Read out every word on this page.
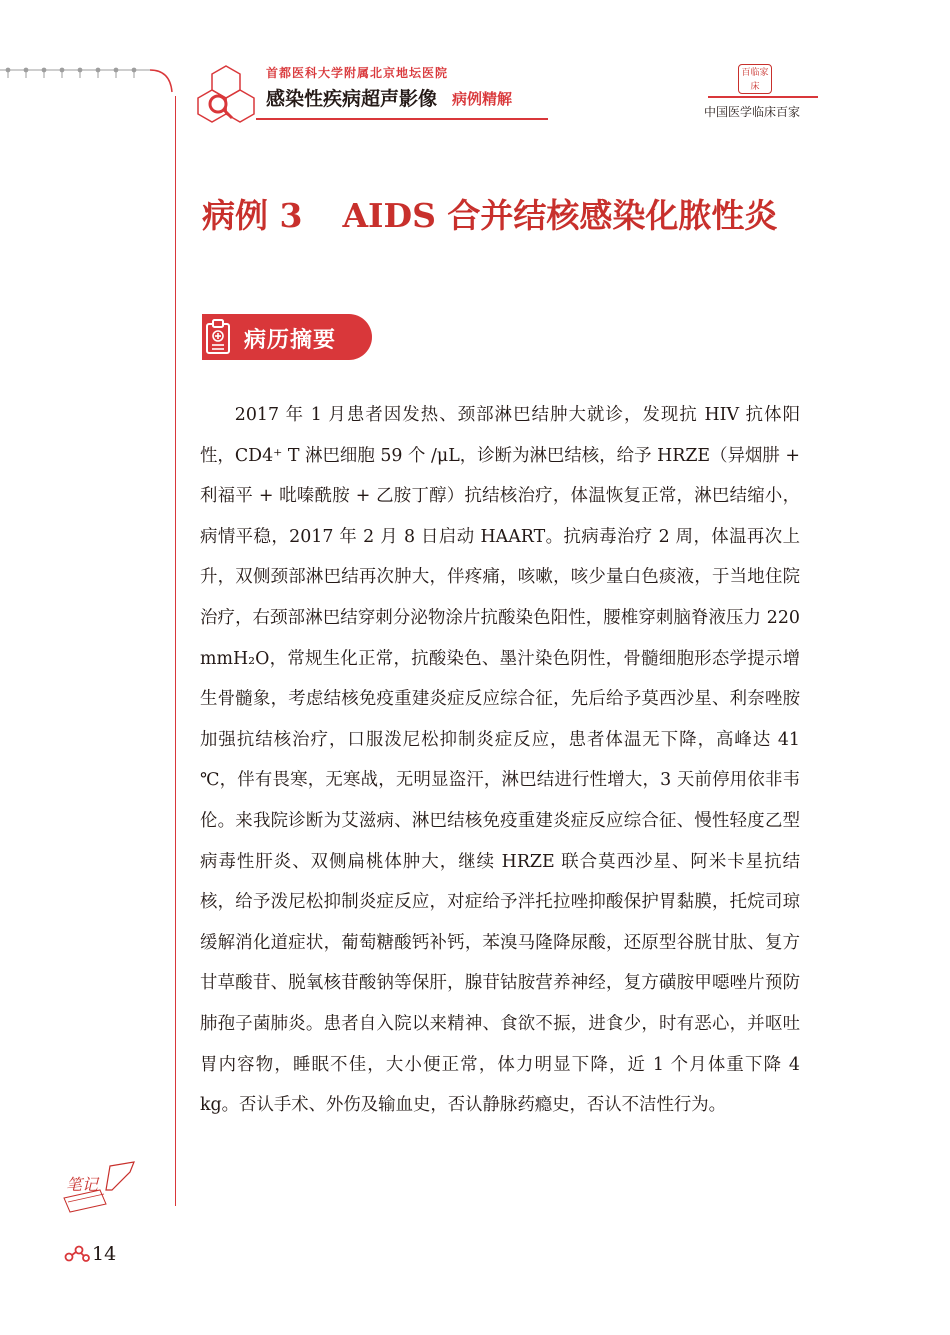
首都医科大学附属北京地坛医院
感染性疾病超声影像 病例精解
百临家床
中国医学临床百家
病例 3 AIDS 合并结核感染化脓性炎
病历摘要

2017 年 1 月患者因发热、颈部淋巴结肿大就诊，发现抗 HIV 抗体阳性，CD4⁺ T 淋巴细胞 59 个 /μL，诊断为淋巴结核，给予 HRZE（异烟肼 + 利福平 + 吡嗪酰胺 + 乙胺丁醇）抗结核治疗，体温恢复正常，淋巴结缩小，病情平稳，2017 年 2 月 8 日启动 HAART。抗病毒治疗 2 周，体温再次上升，双侧颈部淋巴结再次肿大，伴疼痛，咳嗽，咳少量白色痰液，于当地住院治疗，右颈部淋巴结穿刺分泌物涂片抗酸染色阳性，腰椎穿刺脑脊液压力 220 mmH₂O，常规生化正常，抗酸染色、墨汁染色阴性，骨髓细胞形态学提示增生骨髓象，考虑结核免疫重建炎症反应综合征，先后给予莫西沙星、利奈唑胺加强抗结核治疗，口服泼尼松抑制炎症反应，患者体温无下降，高峰达 41 ℃，伴有畏寒，无寒战，无明显盗汗，淋巴结进行性增大，3 天前停用依非韦伦。来我院诊断为艾滋病、淋巴结核免疫重建炎症反应综合征、慢性轻度乙型病毒性肝炎、双侧扁桃体肿大，继续 HRZE 联合莫西沙星、阿米卡星抗结核，给予泼尼松抑制炎症反应，对症给予泮托拉唑抑酸保护胃黏膜，托烷司琼缓解消化道症状，葡萄糖酸钙补钙，苯溴马隆降尿酸，还原型谷胱甘肽、复方甘草酸苷、脱氧核苷酸钠等保肝，腺苷钴胺营养神经，复方磺胺甲噁唑片预防肺孢子菌肺炎。患者自入院以来精神、食欲不振，进食少，时有恶心，并呕吐胃内容物，睡眠不佳，大小便正常，体力明显下降，近 1 个月体重下降 4 kg。否认手术、外伤及输血史，否认静脉药瘾史，否认不洁性行为。

笔记
14
